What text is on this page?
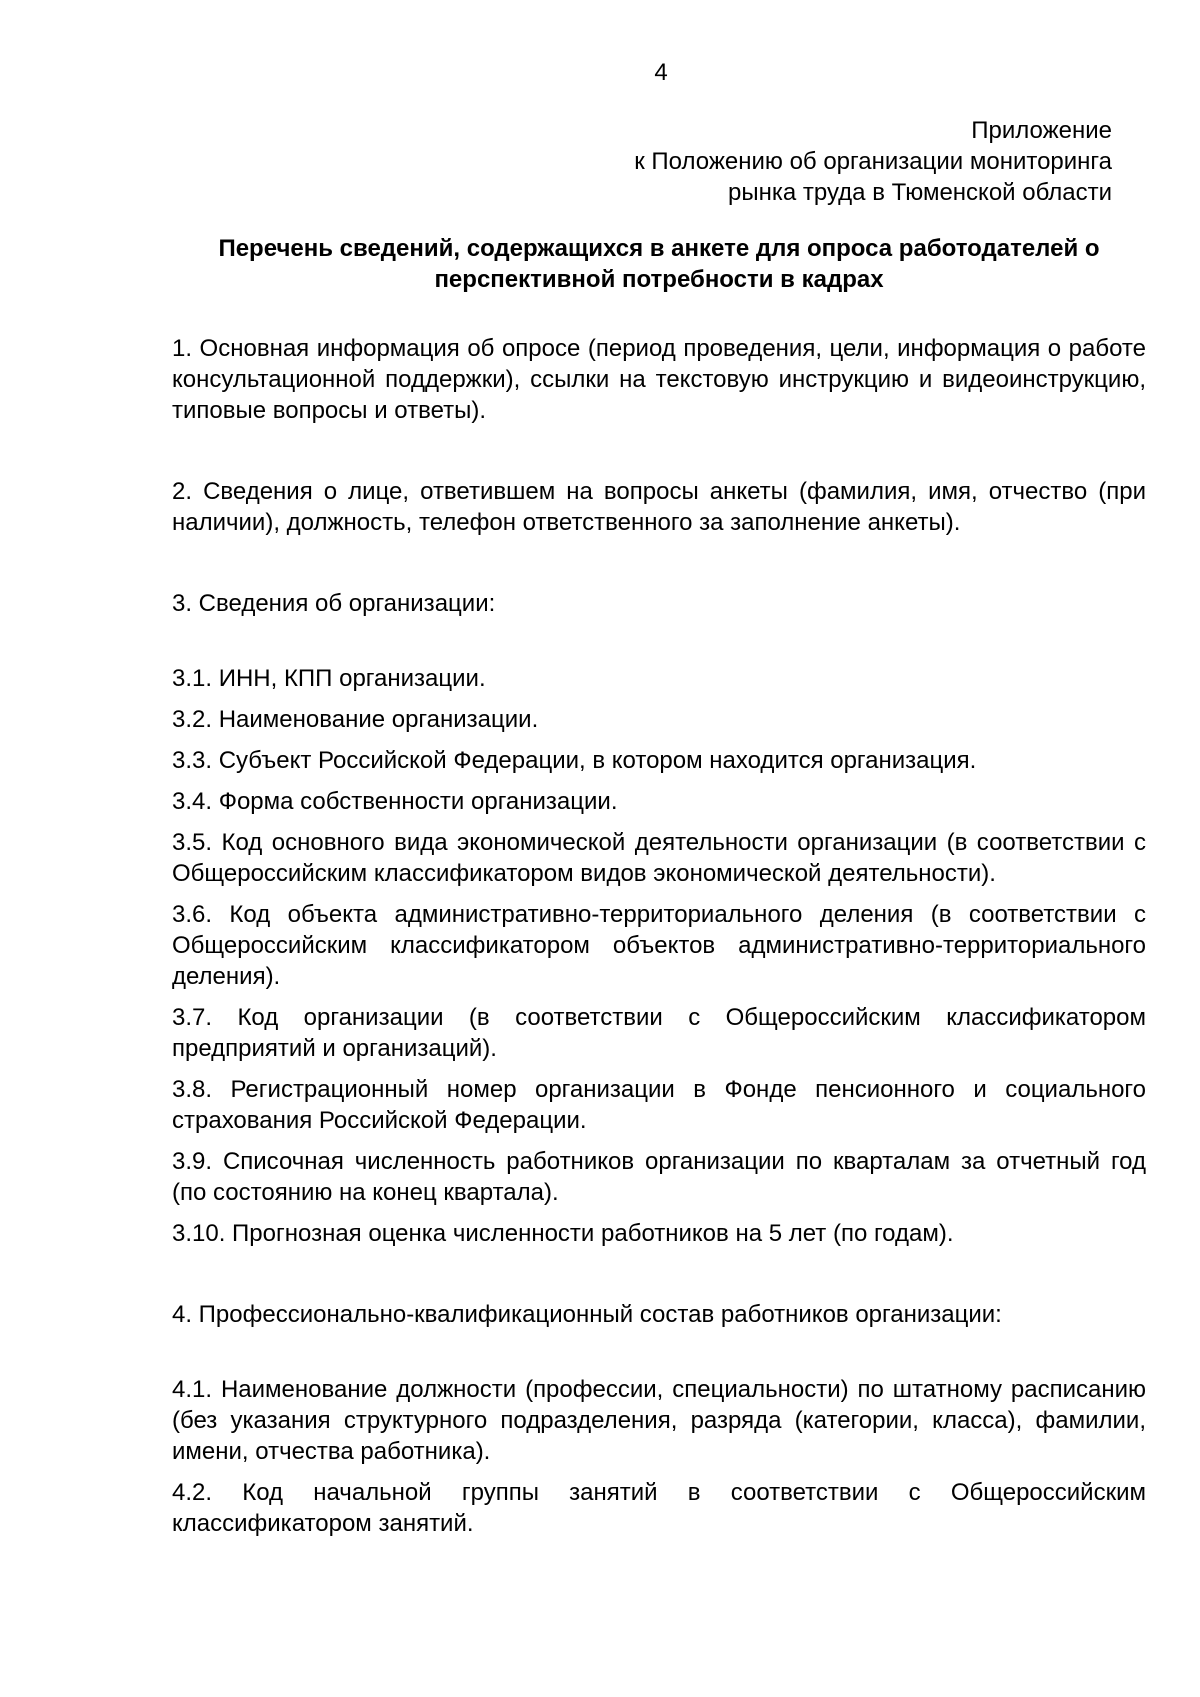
4
Приложение
к Положению об организации мониторинга
рынка труда в Тюменской области
Перечень сведений, содержащихся в анкете для опроса работодателей о перспективной потребности в кадрах

1. Основная информация об опросе (период проведения, цели, информация о работе консультационной поддержки), ссылки на текстовую инструкцию и видеоинструкцию, типовые вопросы и ответы).

2. Сведения о лице, ответившем на вопросы анкеты (фамилия, имя, отчество (при наличии), должность, телефон ответственного за заполнение анкеты).

3. Сведения об организации:

3.1. ИНН, КПП организации.

3.2. Наименование организации.

3.3. Субъект Российской Федерации, в котором находится организация.

3.4. Форма собственности организации.

3.5. Код основного вида экономической деятельности организации (в соответствии с Общероссийским классификатором видов экономической деятельности).

3.6. Код объекта административно-территориального деления (в соответствии с Общероссийским классификатором объектов административно-территориального деления).

3.7. Код организации (в соответствии с Общероссийским классификатором предприятий и организаций).

3.8. Регистрационный номер организации в Фонде пенсионного и социального страхования Российской Федерации.

3.9. Списочная численность работников организации по кварталам за отчетный год (по состоянию на конец квартала).

3.10. Прогнозная оценка численности работников на 5 лет (по годам).

4. Профессионально-квалификационный состав работников организации:

4.1. Наименование должности (профессии, специальности) по штатному расписанию (без указания структурного подразделения, разряда (категории, класса), фамилии, имени, отчества работника).

4.2. Код начальной группы занятий в соответствии с Общероссийским классификатором занятий.
